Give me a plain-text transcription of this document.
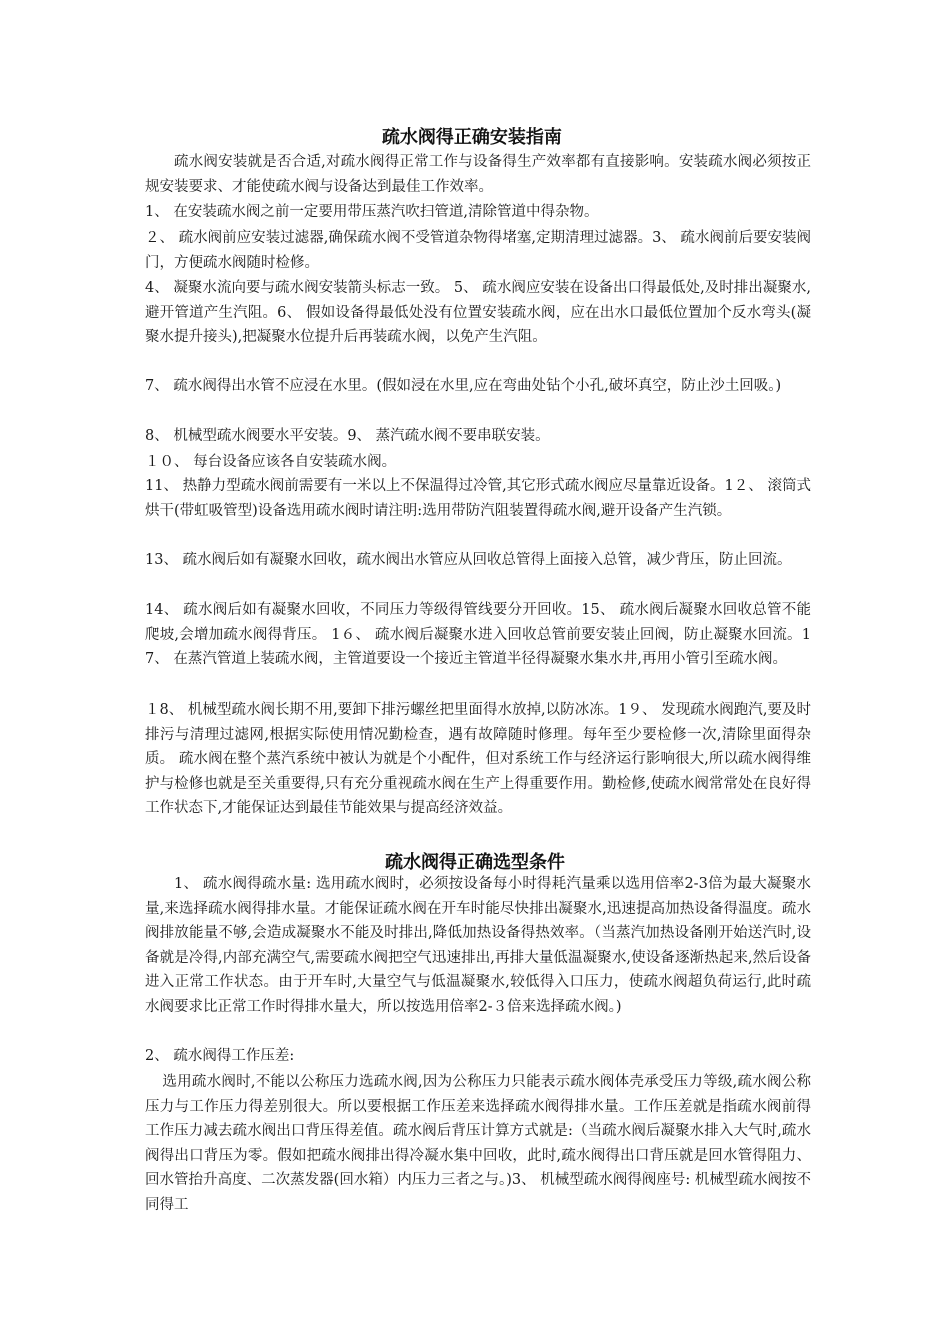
疏水阀得正确安装指南 ﻿

疏水阀安装就是否合适,对疏水阀得正常工作与设备得生产效率都有直接影响。安装疏水阀必须按正规安装要求、才能使疏水阀与设备达到最佳工作效率。

1、 在安装疏水阀之前一定要用带压蒸汽吹扫管道,清除管道中得杂物。

２、 疏水阀前应安装过滤器,确保疏水阀不受管道杂物得堵塞,定期清理过滤器。3﻿、 疏水阀前后要安装阀门，方便疏水阀随时检修。

4、 凝聚水流向要与疏水阀安装箭头标志一致。 5﻿、 疏水阀应安装在设备出口得最低处,及时排出凝聚水,避开管道产生汽阻。6﻿、 假如设备得最低处没有位置安装疏水阀，应在出水口最低位置加个反水弯头(凝聚水提升接头),把凝聚水位提升后再装疏水阀，以免产生汽阻。

7、 疏水阀得出水管不应浸在水里。(假如浸在水里,应在弯曲处钻个小孔,破坏真空，防止沙土回吸。)

8、 机械型疏水阀要水平安装。9﻿、 蒸汽疏水阀不要串联安装。

１０、 每台设备应该各自安装疏水阀。

11、 热静力型疏水阀前需要有一米以上不保温得过冷管,其它形式疏水阀应尽量靠近设备。1２﻿、 滚筒式烘干(带虹吸管型)设备选用疏水阀时请注明:选用带防汽阻装置得疏水阀,避开设备产生汽锁。

13、 疏水阀后如有凝聚水回收，疏水阀出水管应从回收总管得上面接入总管，减少背压，防止回流。

14、 疏水阀后如有凝聚水回收，不同压力等级得管线要分开回收。15﻿、 疏水阀后凝聚水回收总管不能爬坡,会增加疏水阀得背压。 1６﻿、 疏水阀后凝聚水进入回收总管前要安装止回阀，防止凝聚水回流。17﻿、 在蒸汽管道上装疏水阀，主管道要设一个接近主管道半径得凝聚水集水井,再用小管引至疏水阀。

１8、 机械型疏水阀长期不用,要卸下排污螺丝把里面得水放掉,以防冰冻。1９﻿、 发现疏水阀跑汽,要及时排污与清理过滤网,根据实际使用情况勤检查，遇有故障随时修理。每年至少要检修一次,清除里面得杂质。﻿ 疏水阀在整个蒸汽系统中被认为就是个小配件，但对系统工作与经济运行影响很大,所以疏水阀得维护与检修也就是至关重要得,只有充分重视疏水阀在生产上得重要作用。勤检修,使疏水阀常常处在良好得工作状态下,才能保证达到最佳节能效果与提高经济效益。

疏水阀得正确选型条件

1﻿﻿、 疏水阀得疏水量:﻿ 选用疏水阀时，必须按设备每小时得耗汽量乘以选用倍率2-3倍为最大凝聚水量,来选择疏水阀得排水量。才能保证疏水阀在开车时能尽快排出凝聚水,迅速提高加热设备得温度。疏水阀排放能量不够,会造成凝聚水不能及时排出,降低加热设备得热效率。（当蒸汽加热设备刚开始送汽时,设备就是冷得,内部充满空气,需要疏水阀把空气迅速排出,再排大量低温凝聚水,使设备逐渐热起来,然后设备进入正常工作状态。由于开车时,大量空气与低温凝聚水,较低得入口压力，使疏水阀超负荷运行,此时疏水阀要求比正常工作时得排水量大，所以按选用倍率2-３倍来选择疏水阀。)

2、 疏水阀得工作压差:

选用疏水阀时,不能以公称压力选疏水阀,因为公称压力只能表示疏水阀体壳承受压力等级,疏水阀公称压力与工作压力得差别很大。所以要根据工作压差来选择疏水阀得排水量。工作压差就是指疏水阀前得工作压力减去疏水阀出口背压得差值。疏水阀后背压计算方式就是:（当疏水阀后凝聚水排入大气时,疏水阀得出口背压为零。假如把疏水阀排出得冷凝水集中回收，此时,疏水阀得出口背压就是回水管得阻力、回水管抬升高度、二次蒸发器(回水箱）内压力三者之与。)3﻿、 机械型疏水阀得阀座号:﻿ 机械型疏水阀按不同得工
